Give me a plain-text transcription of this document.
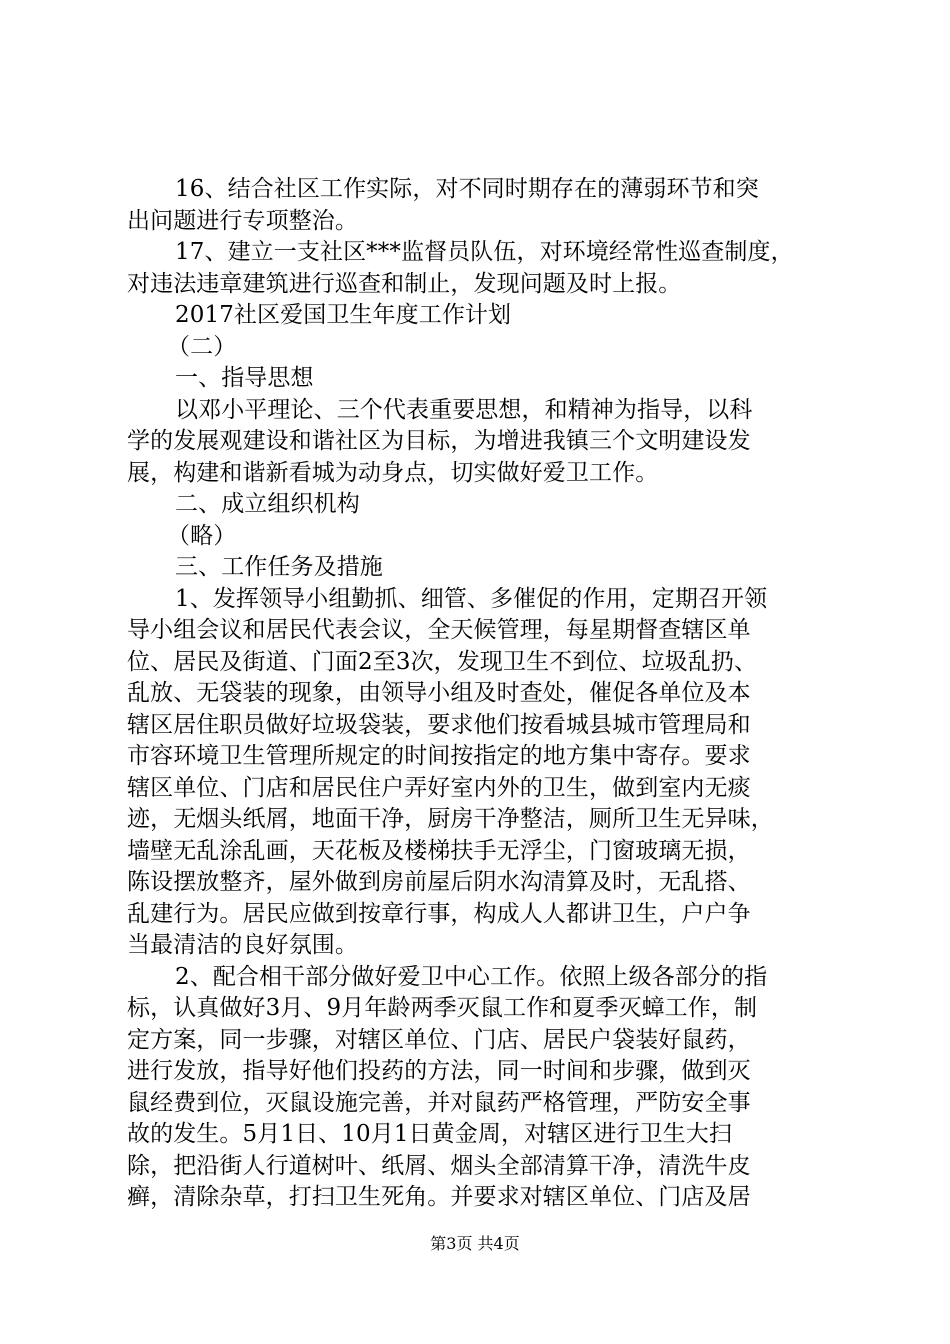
16、结合社区工作实际，对不同时期存在的薄弱环节和突
出问题进行专项整治。
17、建立一支社区***监督员队伍，对环境经常性巡查制度，
对违法违章建筑进行巡查和制止，发现问题及时上报。
2017社区爱国卫生年度工作计划
（二）
一、指导思想
以邓小平理论、三个代表重要思想，和精神为指导，以科
学的发展观建设和谐社区为目标，为增进我镇三个文明建设发
展，构建和谐新看城为动身点，切实做好爱卫工作。
二、成立组织机构
（略）
三、工作任务及措施
1、发挥领导小组勤抓、细管、多催促的作用，定期召开领
导小组会议和居民代表会议，全天候管理，每星期督查辖区单
位、居民及街道、门面2至3次，发现卫生不到位、垃圾乱扔、
乱放、无袋装的现象，由领导小组及时查处，催促各单位及本
辖区居住职员做好垃圾袋装，要求他们按看城县城市管理局和
市容环境卫生管理所规定的时间按指定的地方集中寄存。要求
辖区单位、门店和居民住户弄好室内外的卫生，做到室内无痰
迹，无烟头纸屑，地面干净，厨房干净整洁，厕所卫生无异味，
墙壁无乱涂乱画，天花板及楼梯扶手无浮尘，门窗玻璃无损，
陈设摆放整齐，屋外做到房前屋后阴水沟清算及时，无乱搭、
乱建行为。居民应做到按章行事，构成人人都讲卫生，户户争
当最清洁的良好氛围。
2、配合相干部分做好爱卫中心工作。依照上级各部分的指
标，认真做好3月、9月年龄两季灭鼠工作和夏季灭蟑工作，制
定方案，同一步骤，对辖区单位、门店、居民户袋装好鼠药，
进行发放，指导好他们投药的方法，同一时间和步骤，做到灭
鼠经费到位，灭鼠设施完善，并对鼠药严格管理，严防安全事
故的发生。5月1日、10月1日黄金周，对辖区进行卫生大扫
除，把沿街人行道树叶、纸屑、烟头全部清算干净，清洗牛皮
癣，清除杂草，打扫卫生死角。并要求对辖区单位、门店及居
第3页 共4页
